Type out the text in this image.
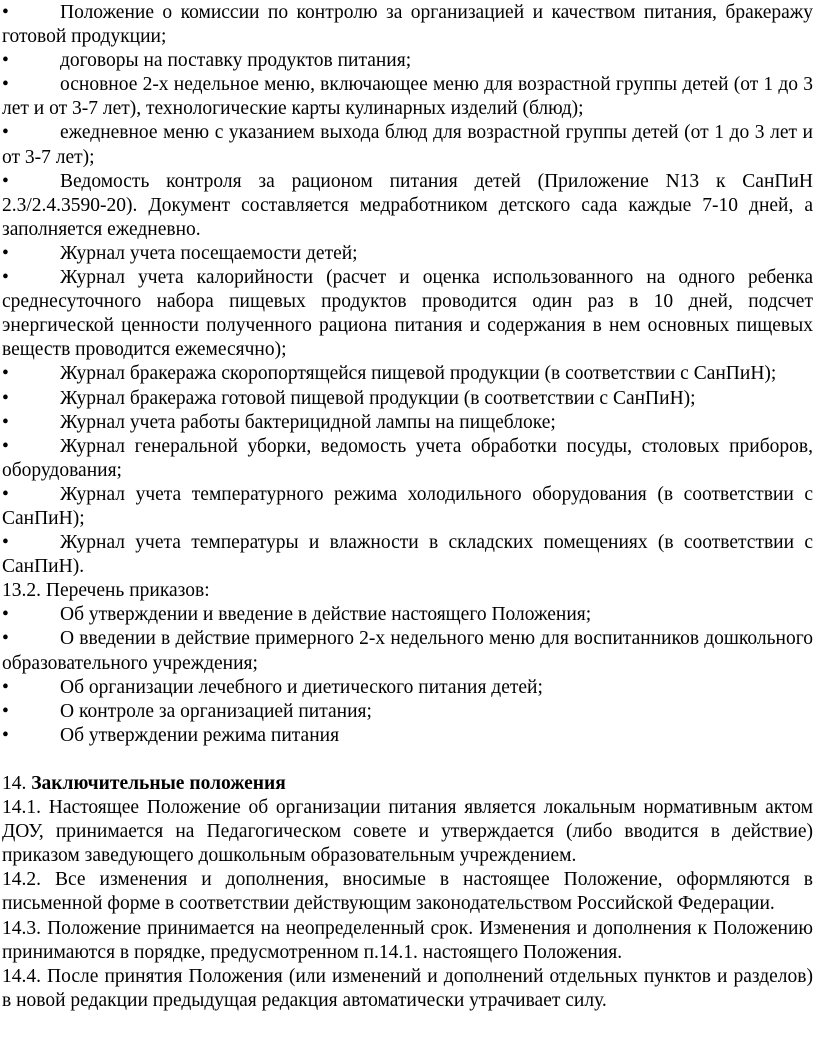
•	Положение о комиссии по контролю за организацией и качеством питания, бракеражу готовой продукции;

•	договоры на поставку продуктов питания;

•	основное 2-х недельное меню, включающее меню для возрастной группы детей (от 1 до 3 лет и от 3-7 лет), технологические карты кулинарных изделий (блюд);

•	ежедневное меню с указанием выхода блюд для возрастной группы детей (от 1 до 3 лет и от 3-7 лет);

•	Ведомость контроля за рационом питания детей (Приложение N13 к СанПиН 2.3/2.4.3590-20). Документ составляется медработником детского сада каждые 7-10 дней, а заполняется ежедневно.

•	Журнал учета посещаемости детей;

•	Журнал учета калорийности (расчет и оценка использованного на одного ребенка среднесуточного набора пищевых продуктов проводится один раз в 10 дней, подсчет энергической ценности полученного рациона питания и содержания в нем основных пищевых веществ проводится ежемесячно);

•	Журнал бракеража скоропортящейся пищевой продукции (в соответствии с СанПиН);

•	Журнал бракеража готовой пищевой продукции (в соответствии с СанПиН);

•	Журнал учета работы бактерицидной лампы на пищеблоке;

•	Журнал генеральной уборки, ведомость учета обработки посуды, столовых приборов, оборудования;

•	Журнал учета температурного режима холодильного оборудования (в соответствии с СанПиН);

•	Журнал учета температуры и влажности в складских помещениях (в соответствии с СанПиН).

13.2. Перечень приказов:

•	Об утверждении и введение в действие настоящего Положения;

•	О введении в действие примерного 2-х недельного меню для воспитанников дошкольного образовательного учреждения;

•	Об организации лечебного и диетического питания детей;

•	О контроле за организацией питания;

•	Об утверждении режима питания

14. Заключительные положения

14.1. Настоящее Положение об организации питания является локальным нормативным актом ДОУ, принимается на Педагогическом совете и утверждается (либо вводится в действие) приказом заведующего дошкольным образовательным учреждением.

14.2. Все изменения и дополнения, вносимые в настоящее Положение, оформляются в письменной форме в соответствии действующим законодательством Российской Федерации.

14.3. Положение принимается на неопределенный срок. Изменения и дополнения к Положению принимаются в порядке, предусмотренном п.14.1. настоящего Положения.

14.4. После принятия Положения (или изменений и дополнений отдельных пунктов и разделов) в новой редакции предыдущая редакция автоматически утрачивает силу.
